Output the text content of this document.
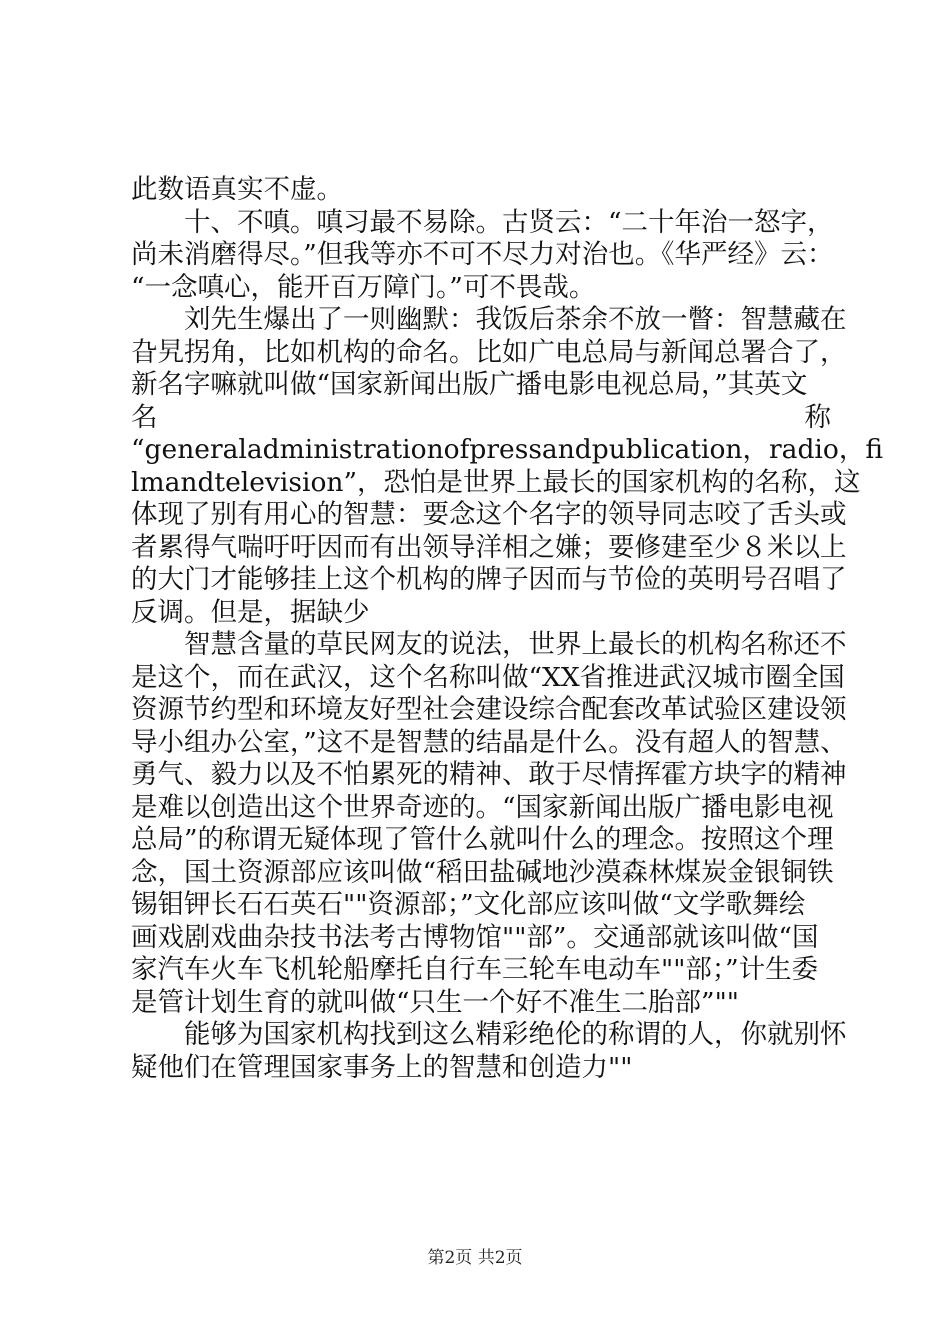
此数语真实不虚。
十、不嗔。嗔习最不易除。古贤云：“二十年治一怒字，
尚未消磨得尽。”但我等亦不可不尽力对治也。《华严经》云：
“一念嗔心，能开百万障门。”可不畏哉。
刘先生爆出了一则幽默：我饭后茶余不放一瞥：智慧藏在
旮旯拐角，比如机构的命名。比如广电总局与新闻总署合了，
新名字嘛就叫做“国家新闻出版广播电影电视总局，”其英文
名	称
“generaladministrationofpressandpublication，radio，fi
lmandtelevision”，恐怕是世界上最长的国家机构的名称，这
体现了别有用心的智慧：要念这个名字的领导同志咬了舌头或
者累得气喘吁吁因而有出领导洋相之嫌；要修建至少８米以上
的大门才能够挂上这个机构的牌子因而与节俭的英明号召唱了
反调。但是，据缺少
智慧含量的草民网友的说法，世界上最长的机构名称还不
是这个，而在武汉，这个名称叫做“XX省推进武汉城市圈全国
资源节约型和环境友好型社会建设综合配套改革试验区建设领
导小组办公室，”这不是智慧的结晶是什么。没有超人的智慧、
勇气、毅力以及不怕累死的精神、敢于尽情挥霍方块字的精神
是难以创造出这个世界奇迹的。“国家新闻出版广播电影电视
总局”的称谓无疑体现了管什么就叫什么的理念。按照这个理
念，国土资源部应该叫做“稻田盐碱地沙漠森林煤炭金银铜铁
锡钼钾长石石英石""资源部；”文化部应该叫做“文学歌舞绘
画戏剧戏曲杂技书法考古博物馆""部”。交通部就该叫做“国
家汽车火车飞机轮船摩托自行车三轮车电动车""部；”计生委
是管计划生育的就叫做“只生一个好不准生二胎部”""
能够为国家机构找到这么精彩绝伦的称谓的人，你就别怀
疑他们在管理国家事务上的智慧和创造力""
第2页 共2页
